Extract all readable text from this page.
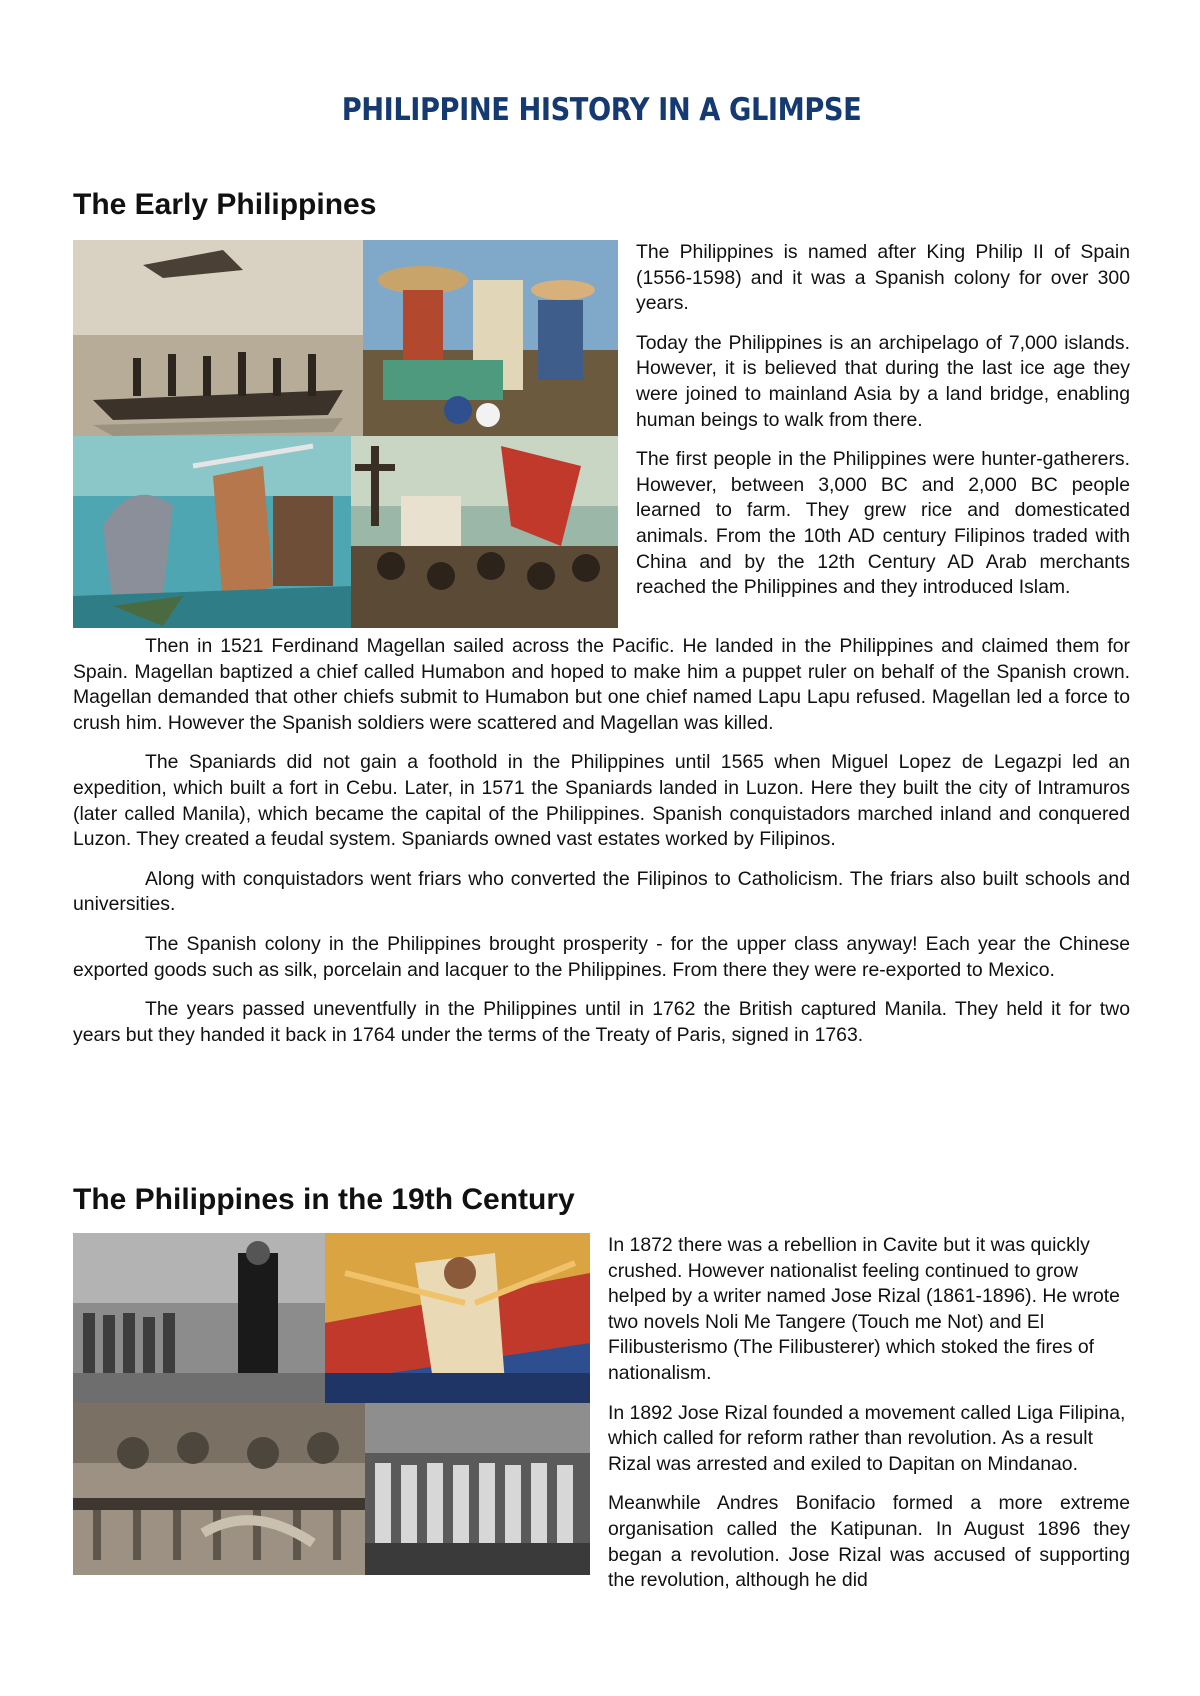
PHILIPPINE HISTORY IN A GLIMPSE
The Early Philippines

The Philippines is named after King Philip II of Spain (1556-1598) and it was a Spanish colony for over 300 years.

Today the Philippines is an archipelago of 7,000 islands. However, it is believed that during the last ice age they were joined to mainland Asia by a land bridge, enabling human beings to walk from there.

The first people in the Philippines were hunter-gatherers. However, between 3,000 BC and 2,000 BC people learned to farm. They grew rice and domesticated animals. From the 10th AD century Filipinos traded with China and by the 12th Century AD Arab merchants reached the Philippines and they introduced Islam.

Then in 1521 Ferdinand Magellan sailed across the Pacific. He landed in the Philippines and claimed them for Spain. Magellan baptized a chief called Humabon and hoped to make him a puppet ruler on behalf of the Spanish crown. Magellan demanded that other chiefs submit to Humabon but one chief named Lapu Lapu refused. Magellan led a force to crush him. However the Spanish soldiers were scattered and Magellan was killed.

The Spaniards did not gain a foothold in the Philippines until 1565 when Miguel Lopez de Legazpi led an expedition, which built a fort in Cebu. Later, in 1571 the Spaniards landed in Luzon. Here they built the city of Intramuros (later called Manila), which became the capital of the Philippines. Spanish conquistadors marched inland and conquered Luzon. They created a feudal system. Spaniards owned vast estates worked by Filipinos.

Along with conquistadors went friars who converted the Filipinos to Catholicism. The friars also built schools and universities.

The Spanish colony in the Philippines brought prosperity - for the upper class anyway! Each year the Chinese exported goods such as silk, porcelain and lacquer to the Philippines. From there they were re-exported to Mexico.

The years passed uneventfully in the Philippines until in 1762 the British captured Manila. They held it for two years but they handed it back in 1764 under the terms of the Treaty of Paris, signed in 1763.

The Philippines in the 19th Century

In 1872 there was a rebellion in Cavite but it was quickly crushed. However nationalist feeling continued to grow helped by a writer named Jose Rizal (1861-1896). He wrote two novels Noli Me Tangere (Touch me Not) and El Filibusterismo (The Filibusterer) which stoked the fires of nationalism.

In 1892 Jose Rizal founded a movement called Liga Filipina, which called for reform rather than revolution. As a result Rizal was arrested and exiled to Dapitan on Mindanao.

Meanwhile Andres Bonifacio formed a more extreme organisation called the Katipunan. In August 1896 they began a revolution. Jose Rizal was accused of supporting the revolution, although he did
